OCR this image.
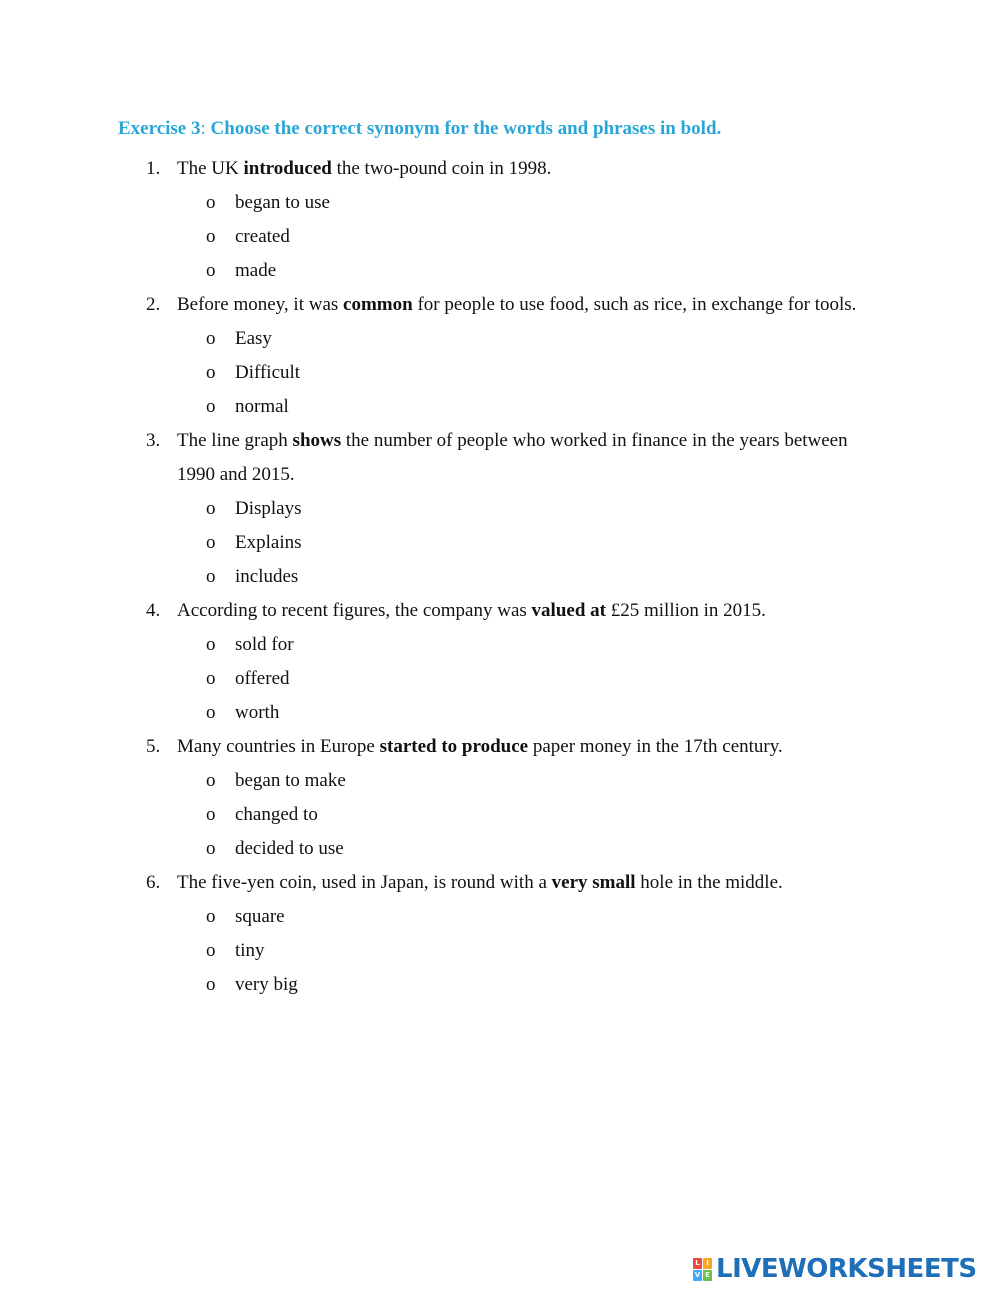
Exercise 3: Choose the correct synonym for the words and phrases in bold.
1. The UK introduced the two-pound coin in 1998.
o began to use
o created
o made
2. Before money, it was common for people to use food, such as rice, in exchange for tools.
o Easy
o Difficult
o normal
3. The line graph shows the number of people who worked in finance in the years between 1990 and 2015.
o Displays
o Explains
o includes
4. According to recent figures, the company was valued at £25 million in 2015.
o sold for
o offered
o worth
5. Many countries in Europe started to produce paper money in the 17th century.
o began to make
o changed to
o decided to use
6. The five-yen coin, used in Japan, is round with a very small hole in the middle.
o square
o tiny
o very big
L I
V E LIVEWORKSHEETS
